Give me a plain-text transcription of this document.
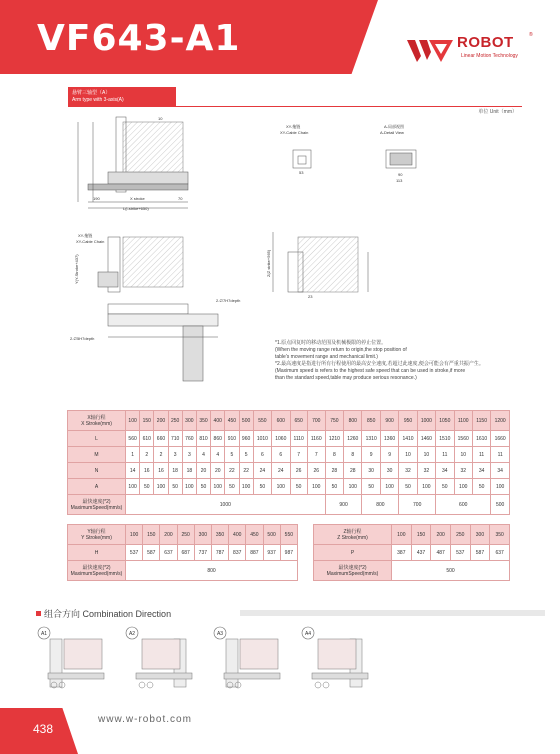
VF643-A1	ROBOT	®
Linear Motion Technology
悬臂三轴型（A）
Arm type with 3-axis(A)
单位 Unit（mm）
190	X stroke	70
L(l-strike+650)
10
XY-拖链
XY-Cable Chain
53
A-局部视图
A-Detail View
90
113
XY-拖链
XY-Cable Chain
Z(Z strike+565)
23
2-∅7H7depth
2-∅5H7depth
Y(Y-Stroke+437)
*1.原点回复时的移动范围及机械极限的停止位置。
(When the moving range return to origin,the stop position of
table's movement range and mechanical limit.)
*2.最高速度是指进行所有行程使用的最高安全速度,若超过此速度,便会可能会有严重共振产生。
(Maximum speed is refers to the highest safe speed that can be used in stroke,if more
than the standard speed,table may produce serious resonance.)
X轴行程
X Stroke(mm)	100	150	200	250	300	350	400	450	500	550	600	650	700	750	800	850	900	950	1000	1050	1100	1150	1200
L	560	610	660	710	760	810	860	910	960	1010	1060	1110	1160	1210	1260	1310	1360	1410	1460	1510	1560	1610	1660
M	1	2	2	3	3	4	4	5	5	6	6	7	7	8	8	9	9	10	10	11	10	11	11
N	14	16	16	18	18	20	20	22	22	24	24	26	26	28	28	30	30	32	32	34	32	34	34
A	100	50	100	50	100	50	100	50	100	50	100	50	100	50	100	50	100	50	100	50	100	50	100

最快速度(*2)
MaximumSpeed(mm/s)	1000													900		800		700		600			500
Y轴行程
Y Stroke(mm)	100	150	200	250	300	350	400	450	500	550
H	537	587	637	687	737	787	837	887	937	987

最快速度(*2)
MaximumSpeed(mm/s)	800									
Z轴行程
Z Stroke(mm)	100	150	200	250	300	350
P	387	437	487	537	587	637

最快速度(*2)
MaximumSpeed(mm/s)	500					
组合方向 Combination Direction
A1	A2	A3	A4
438
www.w-robot.com
